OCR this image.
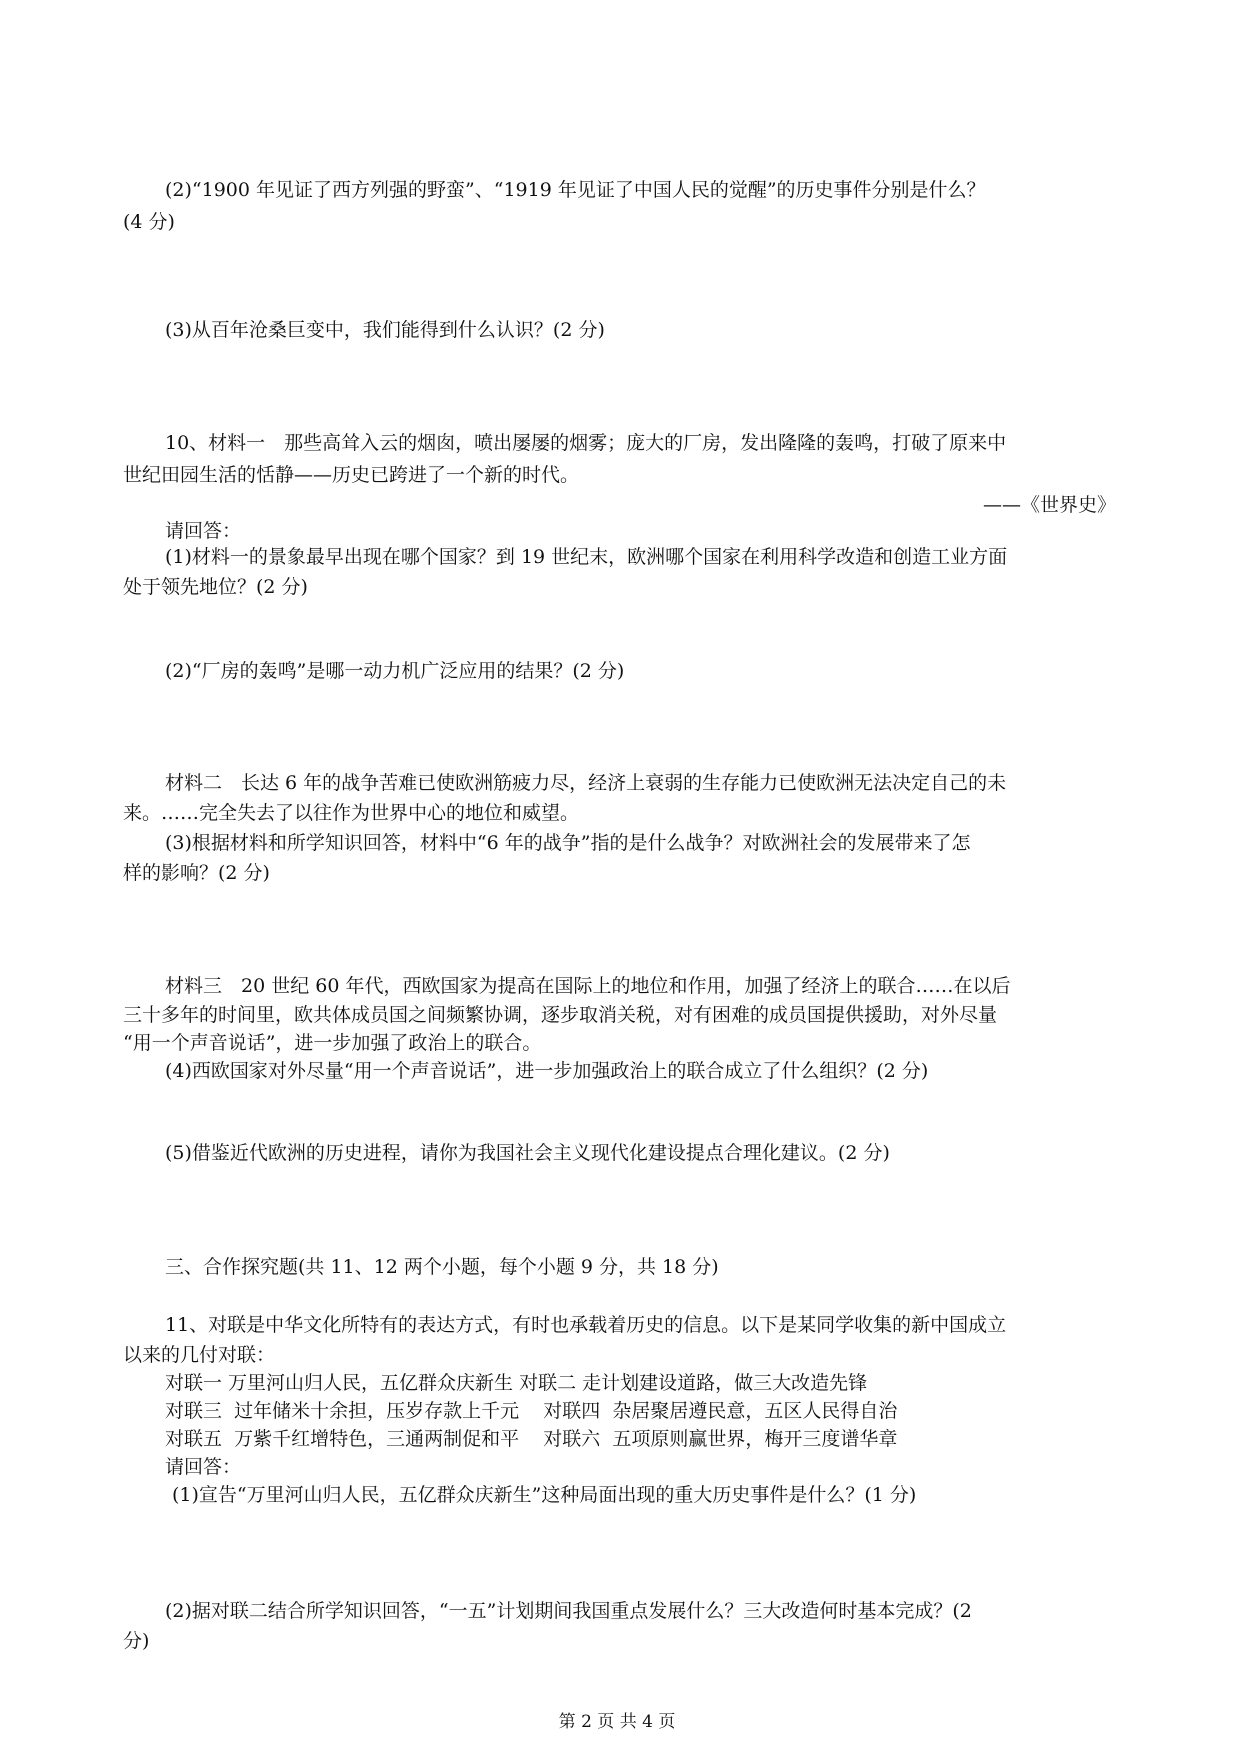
(2)“1900 年见证了西方列强的野蛮”、“1919 年见证了中国人民的觉醒”的历史事件分别是什么？
(4 分)
(3)从百年沧桑巨变中，我们能得到什么认识？(2 分)
10、材料一　那些高耸入云的烟囱，喷出屡屡的烟雾；庞大的厂房，发出隆隆的轰鸣，打破了原来中
世纪田园生活的恬静——历史已跨进了一个新的时代。
——《世界史》
请回答：
(1)材料一的景象最早出现在哪个国家？到 19 世纪末，欧洲哪个国家在利用科学改造和创造工业方面
处于领先地位？(2 分)
(2)“厂房的轰鸣”是哪一动力机广泛应用的结果？(2 分)
材料二　长达 6 年的战争苦难已使欧洲筋疲力尽，经济上衰弱的生存能力已使欧洲无法决定自己的未
来。……完全失去了以往作为世界中心的地位和威望。
(3)根据材料和所学知识回答，材料中“6 年的战争”指的是什么战争？对欧洲社会的发展带来了怎
样的影响？(2 分)
材料三　20 世纪 60 年代，西欧国家为提高在国际上的地位和作用，加强了经济上的联合……在以后
三十多年的时间里，欧共体成员国之间频繁协调，逐步取消关税，对有困难的成员国提供援助，对外尽量
“用一个声音说话”，进一步加强了政治上的联合。
(4)西欧国家对外尽量“用一个声音说话”，进一步加强政治上的联合成立了什么组织？(2 分)
(5)借鉴近代欧洲的历史进程，请你为我国社会主义现代化建设提点合理化建议。(2 分)
三、合作探究题(共 11、12 两个小题，每个小题 9 分，共 18 分)
11、对联是中华文化所特有的表达方式，有时也承载着历史的信息。以下是某同学收集的新中国成立
以来的几付对联：
对联一 万里河山归人民，五亿群众庆新生 对联二 走计划建设道路，做三大改造先锋
对联三  过年储米十余担，压岁存款上千元    对联四  杂居聚居遵民意，五区人民得自治
对联五  万紫千红增特色，三通两制促和平    对联六  五项原则赢世界，梅开三度谱华章
请回答：
(1)宣告“万里河山归人民，五亿群众庆新生”这种局面出现的重大历史事件是什么？(1 分)
(2)据对联二结合所学知识回答，“一五”计划期间我国重点发展什么？三大改造何时基本完成？(2
分)
第 2 页 共 4 页
